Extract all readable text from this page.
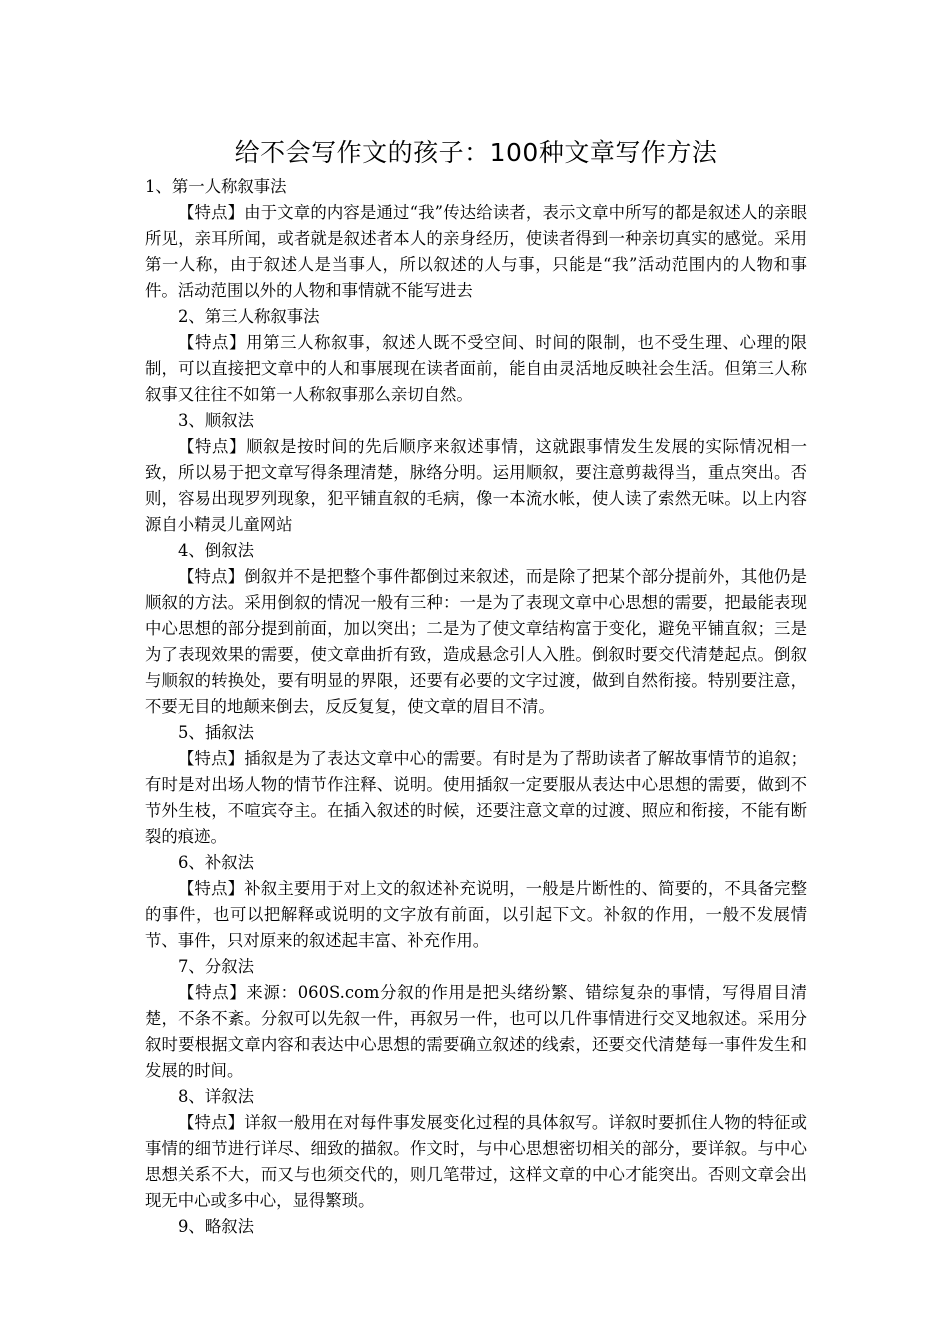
给不会写作文的孩子：100种文章写作方法

1、第一人称叙事法

【特点】由于文章的内容是通过“我”传达给读者，表示文章中所写的都是叙述人的亲眼所见，亲耳所闻，或者就是叙述者本人的亲身经历，使读者得到一种亲切真实的感觉。采用第一人称，由于叙述人是当事人，所以叙述的人与事，只能是“我”活动范围内的人物和事件。活动范围以外的人物和事情就不能写进去

2、第三人称叙事法

【特点】用第三人称叙事，叙述人既不受空间、时间的限制，也不受生理、心理的限制，可以直接把文章中的人和事展现在读者面前，能自由灵活地反映社会生活。但第三人称叙事又往往不如第一人称叙事那么亲切自然。

3、顺叙法

【特点】顺叙是按时间的先后顺序来叙述事情，这就跟事情发生发展的实际情况相一致，所以易于把文章写得条理清楚，脉络分明。运用顺叙，要注意剪裁得当，重点突出。否则，容易出现罗列现象，犯平铺直叙的毛病，像一本流水帐，使人读了索然无味。以上内容源自小精灵儿童网站

4、倒叙法

【特点】倒叙并不是把整个事件都倒过来叙述，而是除了把某个部分提前外，其他仍是顺叙的方法。采用倒叙的情况一般有三种：一是为了表现文章中心思想的需要，把最能表现中心思想的部分提到前面，加以突出；二是为了使文章结构富于变化，避免平铺直叙；三是为了表现效果的需要，使文章曲折有致，造成悬念引人入胜。倒叙时要交代清楚起点。倒叙与顺叙的转换处，要有明显的界限，还要有必要的文字过渡，做到自然衔接。特别要注意，不要无目的地颠来倒去，反反复复，使文章的眉目不清。

5、插叙法

【特点】插叙是为了表达文章中心的需要。有时是为了帮助读者了解故事情节的追叙；有时是对出场人物的情节作注释、说明。使用插叙一定要服从表达中心思想的需要，做到不节外生枝，不喧宾夺主。在插入叙述的时候，还要注意文章的过渡、照应和衔接，不能有断裂的痕迹。

6、补叙法

【特点】补叙主要用于对上文的叙述补充说明，一般是片断性的、简要的，不具备完整的事件，也可以把解释或说明的文字放有前面，以引起下文。补叙的作用，一般不发展情节、事件，只对原来的叙述起丰富、补充作用。

7、分叙法

【特点】来源：060S.com分叙的作用是把头绪纷繁、错综复杂的事情，写得眉目清楚，不条不紊。分叙可以先叙一件，再叙另一件，也可以几件事情进行交叉地叙述。采用分叙时要根据文章内容和表达中心思想的需要确立叙述的线索，还要交代清楚每一事件发生和发展的时间。

8、详叙法

【特点】详叙一般用在对每件事发展变化过程的具体叙写。详叙时要抓住人物的特征或事情的细节进行详尽、细致的描叙。作文时，与中心思想密切相关的部分，要详叙。与中心思想关系不大，而又与也须交代的，则几笔带过，这样文章的中心才能突出。否则文章会出现无中心或多中心，显得繁琐。

9、略叙法
